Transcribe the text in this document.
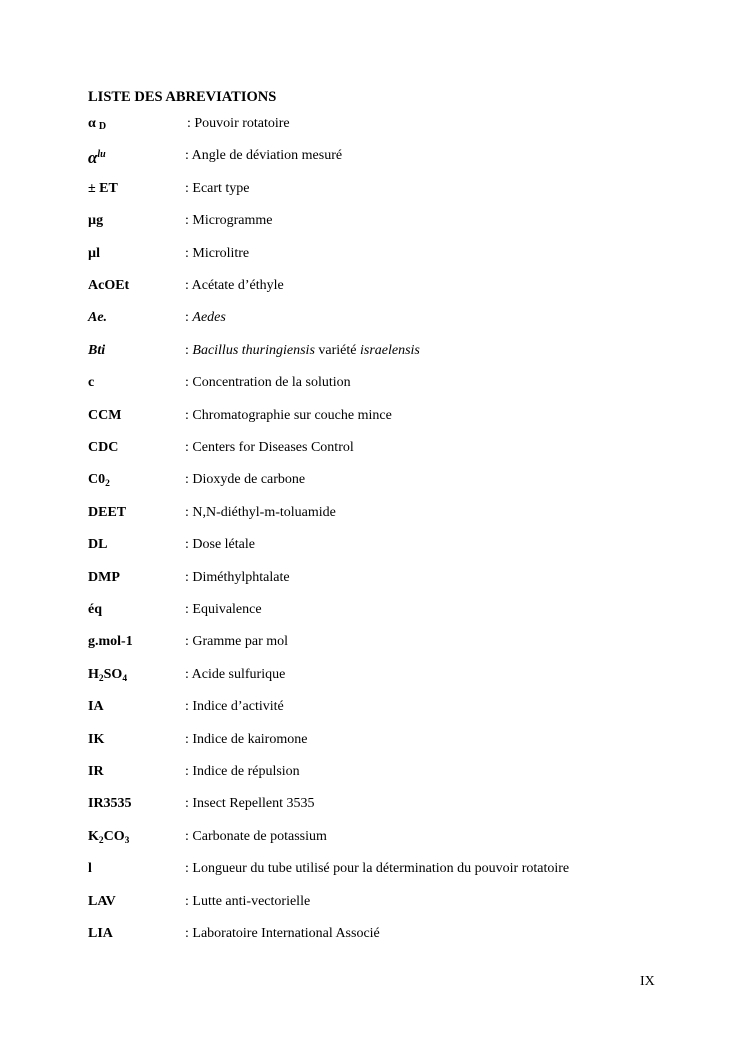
LISTE DES ABREVIATIONS
α D	: Pouvoir rotatoire
$\alpha^{lu}$	: Angle de déviation mesuré
± ET	: Ecart type
µg	: Microgramme
µl	: Microlitre
AcOEt	: Acétate d’éthyle
Ae.	: Aedes
Bti	: Bacillus thuringiensis variété israelensis
c	: Concentration de la solution
CCM	: Chromatographie sur couche mince
CDC	: Centers for Diseases Control
$C0_2$	: Dioxyde de carbone
DEET	: N,N-diéthyl-m-toluamide
DL	: Dose létale
DMP	: Diméthylphtalate
éq	: Equivalence
g.mol-1	: Gramme par mol
$H_2SO_4$	: Acide sulfurique
IA	: Indice d’activité
IK	: Indice de kairomone
IR	: Indice de répulsion
IR3535	: Insect Repellent 3535
$K_2CO_3$	: Carbonate de potassium
l	: Longueur du tube utilisé pour la détermination du pouvoir rotatoire
LAV	: Lutte anti-vectorielle
LIA	: Laboratoire International Associé
IX
